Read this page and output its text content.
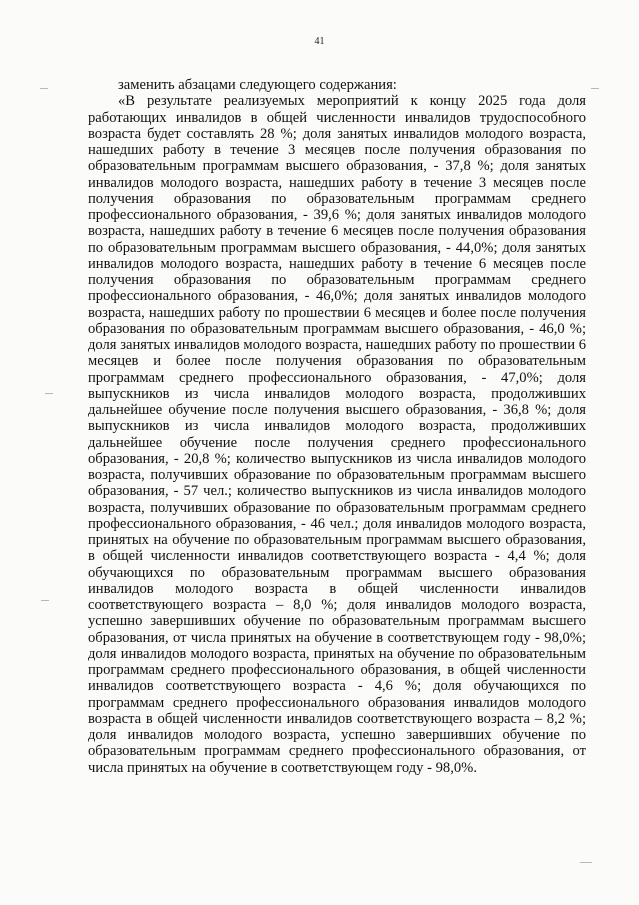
41

заменить абзацами следующего содержания:

«В результате реализуемых мероприятий к концу 2025 года доля работающих инвалидов в общей численности инвалидов трудоспособного возраста будет составлять 28 %; доля занятых инвалидов молодого возраста, нашедших работу в течение 3 месяцев после получения образования по образовательным программам высшего образования, - 37,8 %; доля занятых инвалидов молодого возраста, нашедших работу в течение 3 месяцев после получения образования по образовательным программам среднего профессионального образования, - 39,6 %; доля занятых инвалидов молодого возраста, нашедших работу в течение 6 месяцев после получения образования по образовательным программам высшего образования, - 44,0%; доля занятых инвалидов молодого возраста, нашедших работу в течение 6 месяцев после получения образования по образовательным программам среднего профессионального образования, - 46,0%; доля занятых инвалидов молодого возраста, нашедших работу по прошествии 6 месяцев и более после получения образования по образовательным программам высшего образования, - 46,0 %; доля занятых инвалидов молодого возраста, нашедших работу по прошествии 6 месяцев и более после получения образования по образовательным программам среднего профессионального образования, - 47,0%; доля выпускников из числа инвалидов молодого возраста, продолживших дальнейшее обучение после получения высшего образования, - 36,8 %; доля выпускников из числа инвалидов молодого возраста, продолживших дальнейшее обучение после получения среднего профессионального образования, - 20,8 %; количество выпускников из числа инвалидов молодого возраста, получивших образование по образовательным программам высшего образования, - 57 чел.; количество выпускников из числа инвалидов молодого возраста, получивших образование по образовательным программам среднего профессионального образования, - 46 чел.; доля инвалидов молодого возраста, принятых на обучение по образовательным программам высшего образования, в общей численности инвалидов соответствующего возраста - 4,4 %; доля обучающихся по образовательным программам высшего образования инвалидов молодого возраста в общей численности инвалидов соответствующего возраста – 8,0 %; доля инвалидов молодого возраста, успешно завершивших обучение по образовательным программам высшего образования, от числа принятых на обучение в соответствующем году - 98,0%; доля инвалидов молодого возраста, принятых на обучение по образовательным программам среднего профессионального образования, в общей численности инвалидов соответствующего возраста - 4,6 %; доля обучающихся по программам среднего профессионального образования инвалидов молодого возраста в общей численности инвалидов соответствующего возраста – 8,2 %; доля инвалидов молодого возраста, успешно завершивших обучение по образовательным программам среднего профессионального образования, от числа принятых на обучение в соответствующем году - 98,0%.
